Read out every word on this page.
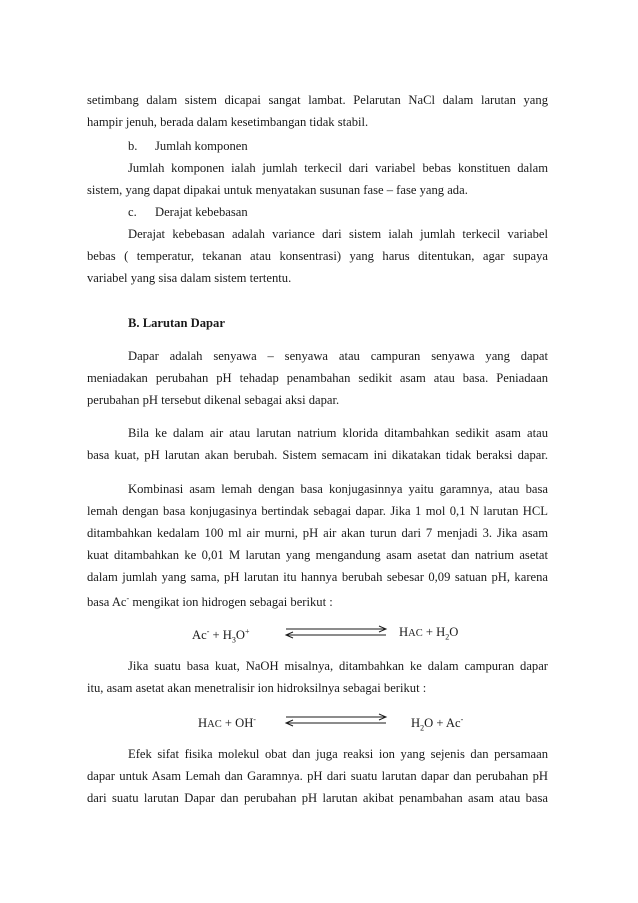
setimbang dalam sistem dicapai sangat lambat. Pelarutan NaCl dalam larutan yang
hampir jenuh, berada dalam kesetimbangan tidak stabil.
b. Jumlah komponen
Jumlah komponen ialah jumlah terkecil dari variabel bebas konstituen dalam
sistem, yang dapat dipakai untuk menyatakan susunan fase – fase yang ada.
c. Derajat kebebasan
Derajat kebebasan adalah variance dari sistem ialah jumlah terkecil variabel
bebas ( temperatur, tekanan atau konsentrasi) yang harus ditentukan, agar supaya
variabel yang sisa dalam sistem tertentu.
B. Larutan Dapar
Dapar adalah senyawa – senyawa atau campuran senyawa yang dapat
meniadakan perubahan pH tehadap penambahan sedikit asam atau basa. Peniadaan
perubahan pH tersebut dikenal sebagai aksi dapar.
Bila ke dalam air atau larutan natrium klorida ditambahkan sedikit asam atau
basa kuat, pH larutan akan berubah. Sistem semacam ini dikatakan tidak beraksi dapar.
Kombinasi asam lemah dengan basa konjugasinnya yaitu garamnya, atau basa
lemah dengan basa konjugasinya bertindak sebagai dapar. Jika 1 mol 0,1 N larutan HCL
ditambahkan kedalam 100 ml air murni, pH air akan turun dari 7 menjadi 3. Jika asam
kuat ditambahkan ke 0,01 M larutan yang mengandung asam asetat dan natrium asetat
dalam jumlah yang sama, pH larutan itu hannya berubah sebesar 0,09 satuan pH, karena
basa Ac- mengikat ion hidrogen sebagai berikut :
$Ac^- + H_3O^+$	HAC + $H_2O$
Jika suatu basa kuat, NaOH misalnya, ditambahkan ke dalam campuran dapar
itu, asam asetat akan menetralisir ion hidroksilnya sebagai berikut :
HAC + OH-	$H_2O + Ac^-$
Efek sifat fisika molekul obat dan juga reaksi ion yang sejenis dan persamaan
dapar untuk Asam Lemah dan Garamnya. pH dari suatu larutan dapar dan perubahan pH
dari suatu larutan Dapar dan perubahan pH larutan akibat penambahan asam atau basa
